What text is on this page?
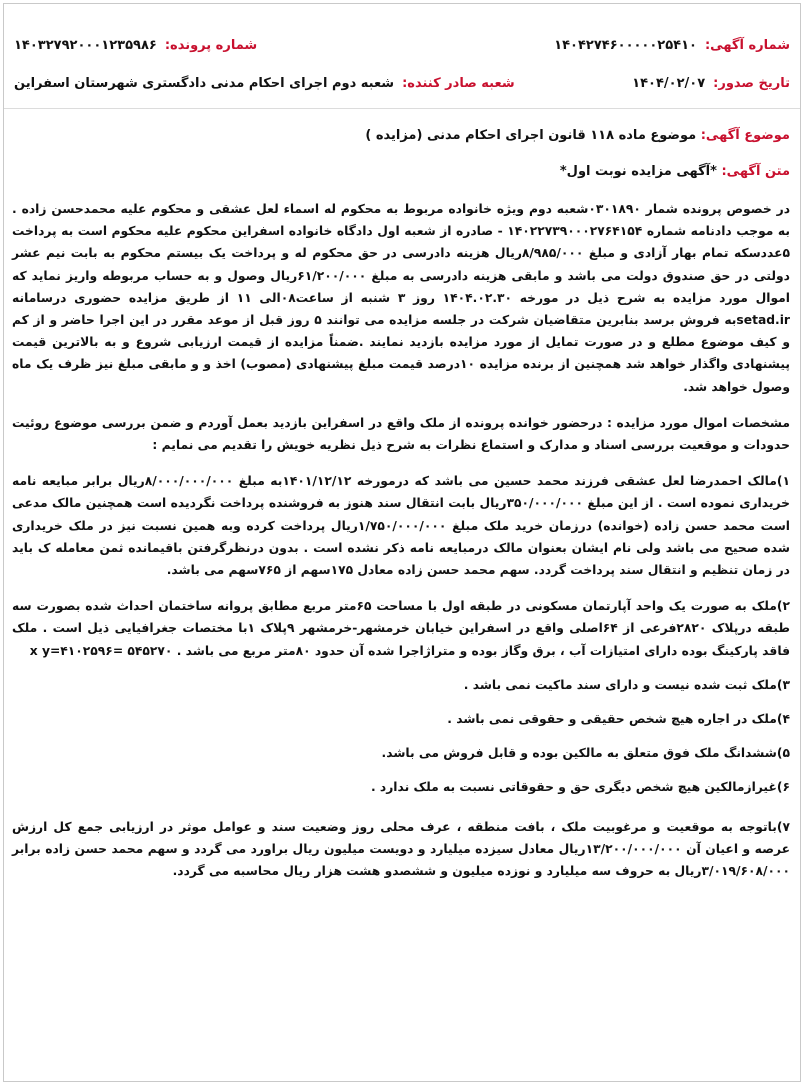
شماره آگهی:
۱۴۰۴۲۷۴۶۰۰۰۰۰۲۵۴۱۰
شماره پرونده:
۱۴۰۳۲۷۹۲۰۰۰۱۲۳۵۹۸۶
تاریخ صدور:
۱۴۰۴/۰۲/۰۷
شعبه صادر کننده:
شعبه دوم اجرای احکام مدنی دادگستری شهرستان اسفراین
موضوع آگهی: موضوع ماده ۱۱۸ قانون اجرای احکام مدنی (مزایده )
متن آگهی: *آگهی مزایده نوبت اول*

در خصوص پرونده شمار ۰۳۰۱۸۹۰شعبه دوم ویژه خانواده مربوط به محکوم له اسماء لعل عشقی و محکوم علیه محمدحسن زاده . به موجب دادنامه شماره ۱۴۰۲۲۷۳۹۰۰۰۲۷۶۴۱۵۴ - صادره از شعبه اول دادگاه خانواده اسفراین محکوم علیه محکوم است به پرداخت ۵عددسکه تمام بهار آزادی و مبلغ ۸/۹۸۵/۰۰۰ریال هزینه دادرسی در حق محکوم له و پرداخت یک بیستم محکوم به بابت نیم عشر دولتی در حق صندوق دولت می باشد و مابقی هزینه دادرسی به مبلغ ۶۱/۲۰۰/۰۰۰ریال وصول و به حساب مربوطه واریز نماید که اموال مورد مزایده به شرح ذیل در مورخه ۱۴۰۴.۰۲.۳۰ روز ۳ شنبه از ساعت۰۸الی ۱۱ از طریق مزایده حضوری درسامانه setad.irبه فروش برسد بنابرین متقاضیان شرکت در جلسه مزایده می توانند ۵ روز قبل از موعد مقرر در این اجرا حاضر و از کم و کیف موضوع مطلع و در صورت تمایل از مورد مزایده بازدید نمایند .ضمناً مزایده از قیمت ارزیابی شروع و به بالاترین قیمت پیشنهادی واگذار خواهد شد همچنین از برنده مزایده ۱۰درصد قیمت مبلغ پیشنهادی (مصوب) اخذ و و مابقی مبلغ نیز ظرف یک ماه وصول خواهد شد.

مشخصات اموال مورد مزایده : درحضور خوانده پرونده از ملک واقع در اسفراین بازدید بعمل آوردم و ضمن بررسی موضوع روئیت حدودات و موقعیت بررسی اسناد و مدارک و استماع نظرات به شرح ذیل نظریه خویش را تقدیم می نمایم :

۱)مالک احمدرضا لعل عشقی فرزند محمد حسین می باشد که درمورخه ۱۴۰۱/۱۲/۱۲به مبلغ ۸/۰۰۰/۰۰۰/۰۰۰ریال برابر مبایعه نامه خریداری نموده است . از این مبلغ ۳۵۰/۰۰۰/۰۰۰ریال بابت انتقال سند هنوز به فروشنده پرداخت نگردیده است همچنین مالک مدعی است محمد حسن زاده (خوانده) درزمان خرید ملک مبلغ ۱/۷۵۰/۰۰۰/۰۰۰ریال پرداخت کرده وبه همین نسبت نیز در ملک خریداری شده صحیح می باشد ولی نام ایشان بعنوان مالک درمبایعه نامه ذکر نشده است . بدون درنظرگرفتن باقیمانده ثمن معامله ک باید در زمان تنظیم و انتقال سند پرداخت گردد. سهم محمد حسن زاده معادل ۱۷۵سهم از ۷۶۵سهم می باشد.

۲)ملک به صورت یک واحد آپارتمان مسکونی در طبقه اول با مساحت ۶۵متر مربع مطابق پروانه ساختمان احداث شده بصورت سه طبقه درپلاک ۲۸۲۰فرعی از ۶۴اصلی واقع در اسفراین خیابان خرمشهر-خرمشهر ۹پلاک ۱با مختصات جغرافیایی ذیل است . ملک فاقد پارکینگ بوده دارای امتیازات آب ، برق وگاز بوده و متراژاجرا شده آن حدود ۸۰متر مربع می باشد . ۵۴۵۲۷۰ =x y=۴۱۰۲۵۹۶

۳)ملک ثبت شده نیست و دارای سند ماکیت نمی باشد .

۴)ملک در اجاره هیچ شخص حقیقی و حقوقی نمی باشد .

۵)ششدانگ ملک فوق متعلق به مالکین بوده و قابل فروش می باشد.

۶)غیرازمالکین هیچ شخص دیگری حق و حقوقاتی نسبت به ملک ندارد .

۷)باتوجه به موقعیت و مرغوبیت ملک ، بافت منطقه ، عرف محلی روز وضعیت سند و عوامل موثر در ارزیابی جمع کل ارزش عرصه و اعیان آن ۱۳/۲۰۰/۰۰۰/۰۰۰ریال معادل سیزده میلیارد و دویست میلیون ریال براورد می گردد و سهم محمد حسن زاده برابر ۳/۰۱۹/۶۰۸/۰۰۰ریال به حروف سه میلیارد و نوزده میلیون و ششصدو هشت هزار ریال محاسبه می گردد.
